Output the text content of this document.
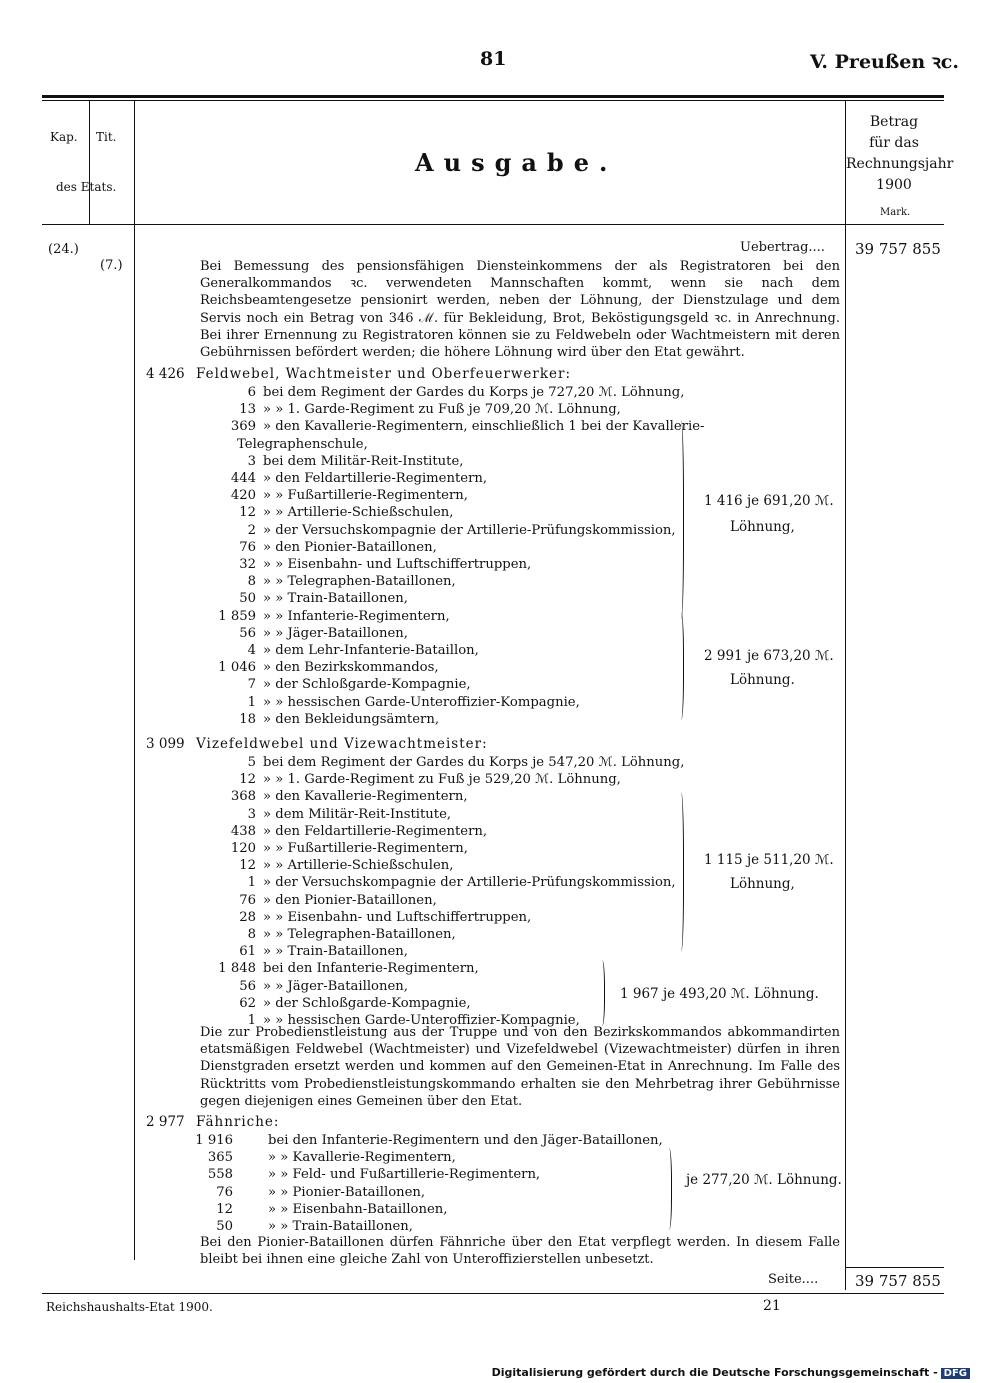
81	V. Preußen ꝛc.
Kap. Tit.
des Etats.
Ausgabe.
Betrag
für das
Rechnungsjahr
1900
Mark.
(24.)
(7.)
Uebertrag.... 39 757 855
Bei Bemessung des pensionsfähigen Diensteinkommens der als Registratoren bei den Generalkommandos ꝛc. verwendeten Mannschaften kommt, wenn sie nach dem Reichsbeamtengesetze pensionirt werden, neben der Löhnung, der Dienstzulage und dem Servis noch ein Betrag von 346 ℳ. für Bekleidung, Brot, Beköstigungsgeld ꝛc. in Anrechnung. Bei ihrer Ernennung zu Registratoren können sie zu Feldwebeln oder Wachtmeistern mit deren Gebührnissen befördert werden; die höhere Löhnung wird über den Etat gewährt.
4 426 Feldwebel, Wachtmeister und Oberfeuerwerker:
6 bei dem Regiment der Gardes du Korps je 727,20 ℳ. Löhnung,
13 » » 1. Garde-Regiment zu Fuß je 709,20 ℳ. Löhnung,
369 » den Kavallerie-Regimentern, einschließlich 1 bei der Kavallerie-
Telegraphenschule,
3 bei dem Militär-Reit-Institute,
444 » den Feldartillerie-Regimentern,
420 » » Fußartillerie-Regimentern,
12 » » Artillerie-Schießschulen,
2 » der Versuchskompagnie der Artillerie-Prüfungskommission,
76 » den Pionier-Bataillonen,
32 » » Eisenbahn- und Luftschiffertruppen,
8 » » Telegraphen-Bataillonen,
50 » » Train-Bataillonen,
1 859 » » Infanterie-Regimentern,
56 » » Jäger-Bataillonen,
4 » dem Lehr-Infanterie-Bataillon,
1 046 » den Bezirkskommandos,
7 » der Schloßgarde-Kompagnie,
1 » » hessischen Garde-Unteroffizier-Kompagnie,
18 » den Bekleidungsämtern,
1 416 je 691,20 ℳ.
Löhnung,
2 991 je 673,20 ℳ.
Löhnung.
3 099 Vizefeldwebel und Vizewachtmeister:
5 bei dem Regiment der Gardes du Korps je 547,20 ℳ. Löhnung,
12 » » 1. Garde-Regiment zu Fuß je 529,20 ℳ. Löhnung,
368 » den Kavallerie-Regimentern,
3 » dem Militär-Reit-Institute,
438 » den Feldartillerie-Regimentern,
120 » » Fußartillerie-Regimentern,
12 » » Artillerie-Schießschulen,
1 » der Versuchskompagnie der Artillerie-Prüfungskommission,
76 » den Pionier-Bataillonen,
28 » » Eisenbahn- und Luftschiffertruppen,
8 » » Telegraphen-Bataillonen,
61 » » Train-Bataillonen,
1 848 bei den Infanterie-Regimentern,
56 » » Jäger-Bataillonen,
62 » der Schloßgarde-Kompagnie,
1 » » hessischen Garde-Unteroffizier-Kompagnie,
1 115 je 511,20 ℳ.
Löhnung,
1 967 je 493,20 ℳ. Löhnung.
Die zur Probedienstleistung aus der Truppe und von den Bezirkskommandos abkommandirten etatsmäßigen Feldwebel (Wachtmeister) und Vizefeldwebel (Vizewachtmeister) dürfen in ihren Dienstgraden ersetzt werden und kommen auf den Gemeinen-Etat in Anrechnung. Im Falle des Rücktritts vom Probedienstleistungskommando erhalten sie den Mehrbetrag ihrer Gebührnisse gegen diejenigen eines Gemeinen über den Etat.
2 977 Fähnriche:
1 916	bei den Infanterie-Regimentern und den Jäger-Bataillonen,
365	» » Kavallerie-Regimentern,
558	» » Feld- und Fußartillerie-Regimentern,
76	» » Pionier-Bataillonen,
12	» » Eisenbahn-Bataillonen,
50	» » Train-Bataillonen,
je 277,20 ℳ. Löhnung.
Bei den Pionier-Bataillonen dürfen Fähnriche über den Etat verpflegt werden. In diesem Falle bleibt bei ihnen eine gleiche Zahl von Unteroffizierstellen unbesetzt.
Seite.... 39 757 855
Reichshaushalts-Etat 1900.	21
Digitalisierung gefördert durch die Deutsche Forschungsgemeinschaft - DFG
